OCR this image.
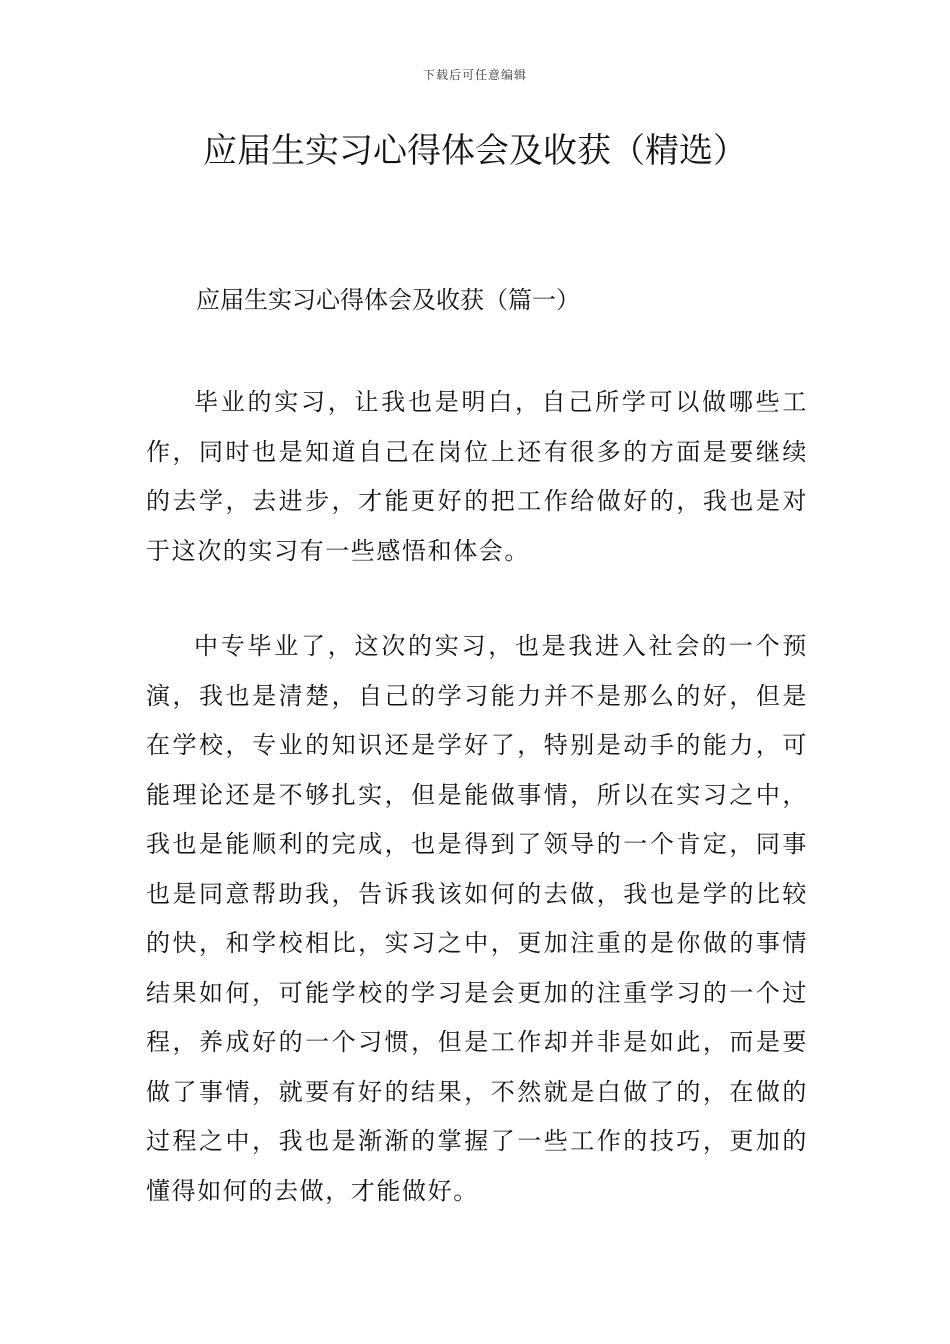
下载后可任意编辑
应届生实习心得体会及收获（精选）
应届生实习心得体会及收获（篇一）

毕业的实习，让我也是明白，自己所学可以做哪些工作，同时也是知道自己在岗位上还有很多的方面是要继续的去学，去进步，才能更好的把工作给做好的，我也是对于这次的实习有一些感悟和体会。

中专毕业了，这次的实习，也是我进入社会的一个预演，我也是清楚，自己的学习能力并不是那么的好，但是在学校，专业的知识还是学好了，特别是动手的能力，可能理论还是不够扎实，但是能做事情，所以在实习之中，我也是能顺利的完成，也是得到了领导的一个肯定，同事也是同意帮助我，告诉我该如何的去做，我也是学的比较的快，和学校相比，实习之中，更加注重的是你做的事情结果如何，可能学校的学习是会更加的注重学习的一个过程，养成好的一个习惯，但是工作却并非是如此，而是要做了事情，就要有好的结果，不然就是白做了的，在做的过程之中，我也是渐渐的掌握了一些工作的技巧，更加的懂得如何的去做，才能做好。
